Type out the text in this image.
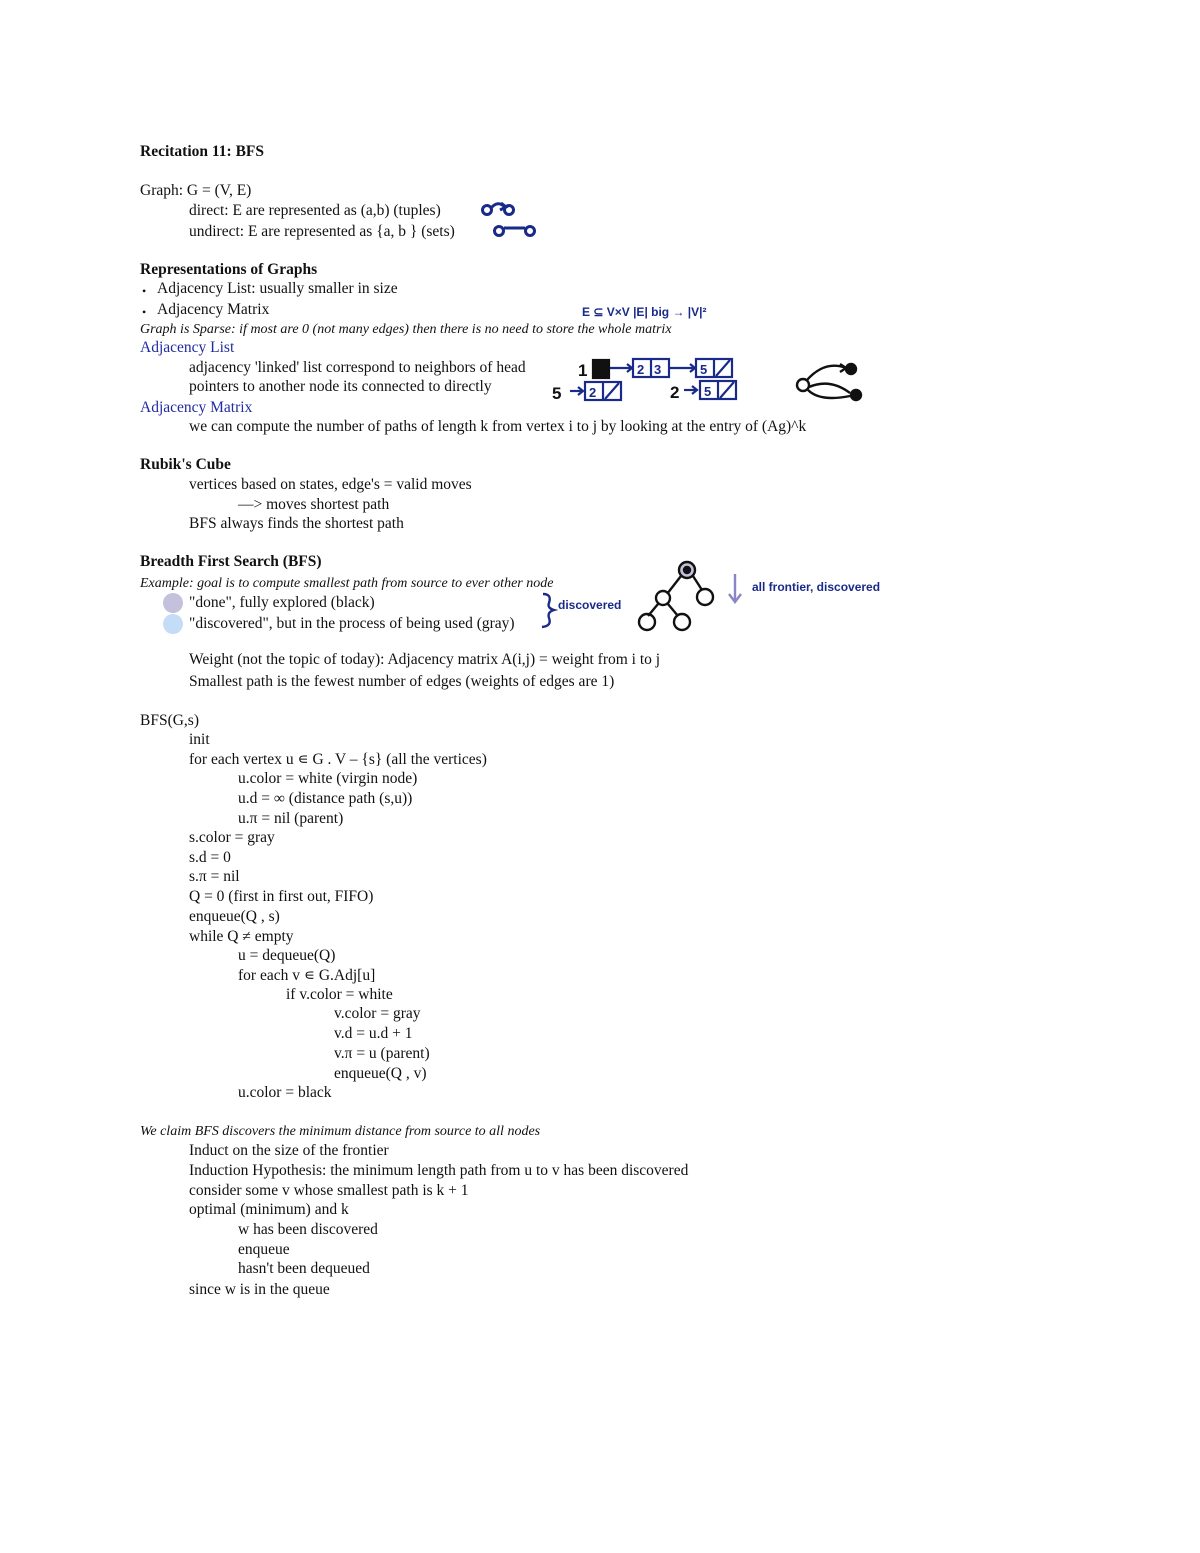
Recitation 11: BFS
Graph: G = (V, E)
direct: E are represented as (a,b) (tuples)
undirect: E are represented as {a, b } (sets)
Representations of Graphs
• Adjacency List: usually smaller in size
• Adjacency Matrix
Graph is Sparse: if most are 0 (not many edges) then there is no need to store the whole matrix
Adjacency List
adjacency 'linked' list correspond to neighbors of head
pointers to another node its connected to directly
Adjacency Matrix
we can compute the number of paths of length k from vertex i to j by looking at the entry of (Ag)^k
Rubik's Cube
vertices based on states, edge's = valid moves
—> moves shortest path
BFS always finds the shortest path
Breadth First Search (BFS)
Example: goal is to compute smallest path from source to ever other node
"done", fully explored (black)
"discovered", but in the process of being used (gray)
Weight (not the topic of today): Adjacency matrix A(i,j) = weight from i to j
Smallest path is the fewest number of edges (weights of edges are 1)
BFS(G,s)
init
for each vertex u ∊ G . V – {s} (all the vertices)
u.color = white (virgin node)
u.d = ∞ (distance path (s,u))
u.π = nil (parent)
s.color = gray
s.d = 0
s.π = nil
Q = 0 (first in first out, FIFO)
enqueue(Q , s)
while Q ≠ empty
u = dequeue(Q)
for each v ∊ G.Adj[u]
if v.color = white
v.color = gray
v.d = u.d + 1
v.π = u (parent)
enqueue(Q , v)
u.color = black
We claim BFS discovers the minimum distance from source to all nodes
Induct on the size of the frontier
Induction Hypothesis: the minimum length path from u to v has been discovered
consider some v whose smallest path is k + 1
optimal (minimum) and k
w has been discovered
enqueue
hasn't been dequeued
since w is in the queue
1
5	2
2 3	5
2	5
E ⊆ V×V |E| big → |V|²
discovered
all frontier, discovered
